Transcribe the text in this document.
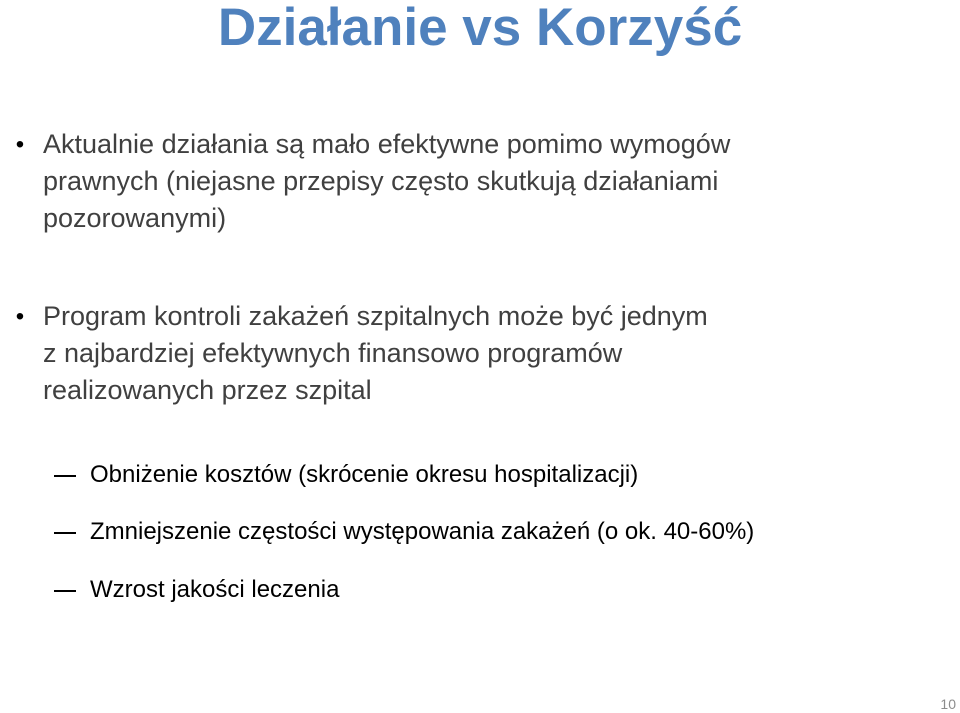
Działanie vs Korzyść
• Aktualnie działania są mało efektywne pomimo wymogów
prawnych (niejasne przepisy często skutkują działaniami
pozorowanymi)
• Program kontroli zakażeń szpitalnych może być jednym
z najbardziej efektywnych finansowo programów
realizowanych przez szpital
Obniżenie kosztów (skrócenie okresu hospitalizacji)
Zmniejszenie częstości występowania zakażeń (o ok. 40-60%)
Wzrost jakości leczenia
10
